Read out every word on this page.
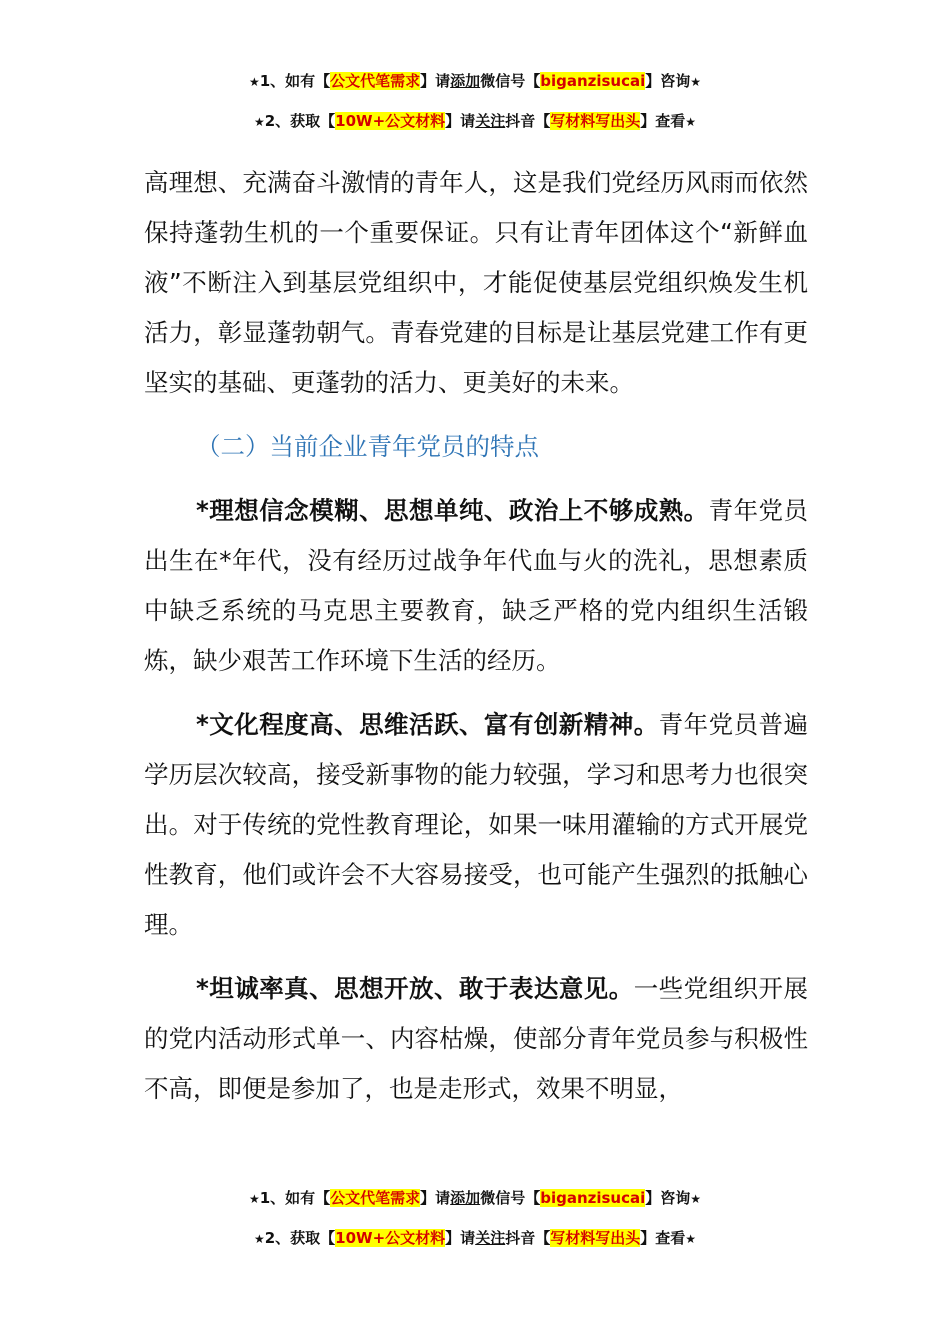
★1、如有【公文代笔需求】请添加微信号【biganzisucai】咨询★
★2、获取【10W+公文材料】请关注抖音【写材料写出头】查看★

高理想、充满奋斗激情的青年人，这是我们党经历风雨而依然保持蓬勃生机的一个重要保证。只有让青年团体这个“新鲜血液”不断注入到基层党组织中，才能促使基层党组织焕发生机活力，彰显蓬勃朝气。青春党建的目标是让基层党建工作有更坚实的基础、更蓬勃的活力、更美好的未来。

（二）当前企业青年党员的特点

*理想信念模糊、思想单纯、政治上不够成熟。青年党员出生在*年代，没有经历过战争年代血与火的洗礼，思想素质中缺乏系统的马克思主要教育，缺乏严格的党内组织生活锻炼，缺少艰苦工作环境下生活的经历。

*文化程度高、思维活跃、富有创新精神。青年党员普遍学历层次较高，接受新事物的能力较强，学习和思考力也很突出。对于传统的党性教育理论，如果一味用灌输的方式开展党性教育，他们或许会不大容易接受，也可能产生强烈的抵触心理。

*坦诚率真、思想开放、敢于表达意见。一些党组织开展的党内活动形式单一、内容枯燥，使部分青年党员参与积极性不高，即便是参加了，也是走形式，效果不明显，

★1、如有【公文代笔需求】请添加微信号【biganzisucai】咨询★
★2、获取【10W+公文材料】请关注抖音【写材料写出头】查看★
